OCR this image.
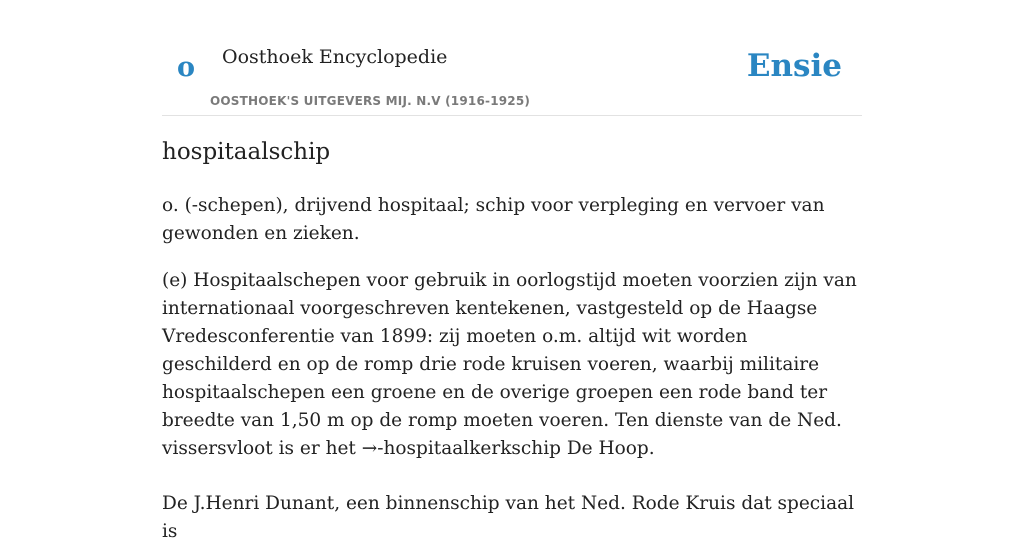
o Oosthoek Encyclopedie
OOSTHOEK'S UITGEVERS MIJ. N.V (1916-1925)
Ensie
hospitaalschip

o. (-schepen), drijvend hospitaal; schip voor verpleging en vervoer van gewonden en zieken.

(e) Hospitaalschepen voor gebruik in oorlogstijd moeten voorzien zijn van internationaal voorgeschreven kentekenen, vastgesteld op de Haagse Vredesconferentie van 1899: zij moeten o.m. altijd wit worden geschilderd en op de romp drie rode kruisen voeren, waarbij militaire hospitaalschepen een groene en de overige groepen een rode band ter breedte van 1,50 m op de romp moeten voeren. Ten dienste van de Ned. vissersvloot is er het →-hospitaalkerkschip De Hoop.

De J.Henri Dunant, een binnenschip van het Ned. Rode Kruis dat speciaal is
